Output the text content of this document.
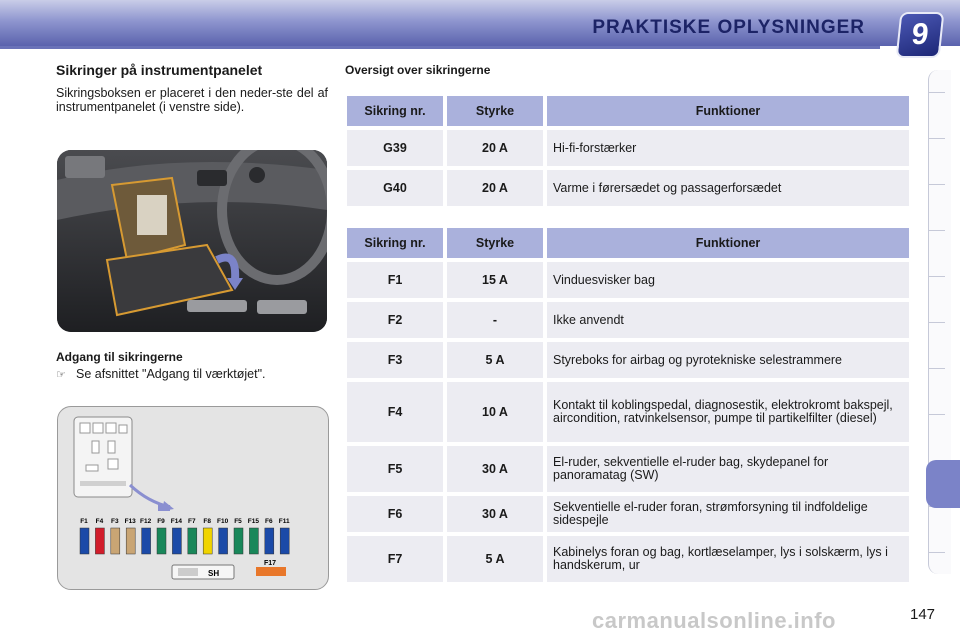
PRAKTISKE OPLYSNINGER	9
Sikringer på instrumentpanelet
Sikringsboksen er placeret i den neder-ste del af instrumentpanelet (i venstre side).
Adgang til sikringerne
☞ Se afsnittet "Adgang til værktøjet".
F1 F4 F3 F13 F12 F9 F14 F7 F8 F10 F5 F15 F6 F11
SH
F17
Oversigt over sikringerne
Sikring nr.	Styrke	Funktioner
G39	20 A	Hi-fi-forstærker
G40	20 A	Varme i førersædet og passagerforsædet
Sikring nr.	Styrke	Funktioner
F1	15 A	Vinduesvisker bag
F2	-	Ikke anvendt
F3	5 A	Styreboks for airbag og pyrotekniske selestrammere
F4	10 A	Kontakt til koblingspedal, diagnosestik, elektrokromt bakspejl, aircondition, ratvinkelsensor, pumpe til partikelfilter (diesel)
F5	30 A	El-ruder, sekventielle el-ruder bag, skydepanel for panoramatag (SW)
F6	30 A	Sekventielle el-ruder foran, strømforsyning til indfoldelige sidespejle
F7	5 A	Kabinelys foran og bag, kortlæselamper, lys i solskærm, lys i handskerum, ur
carmanualsonline.info	147
